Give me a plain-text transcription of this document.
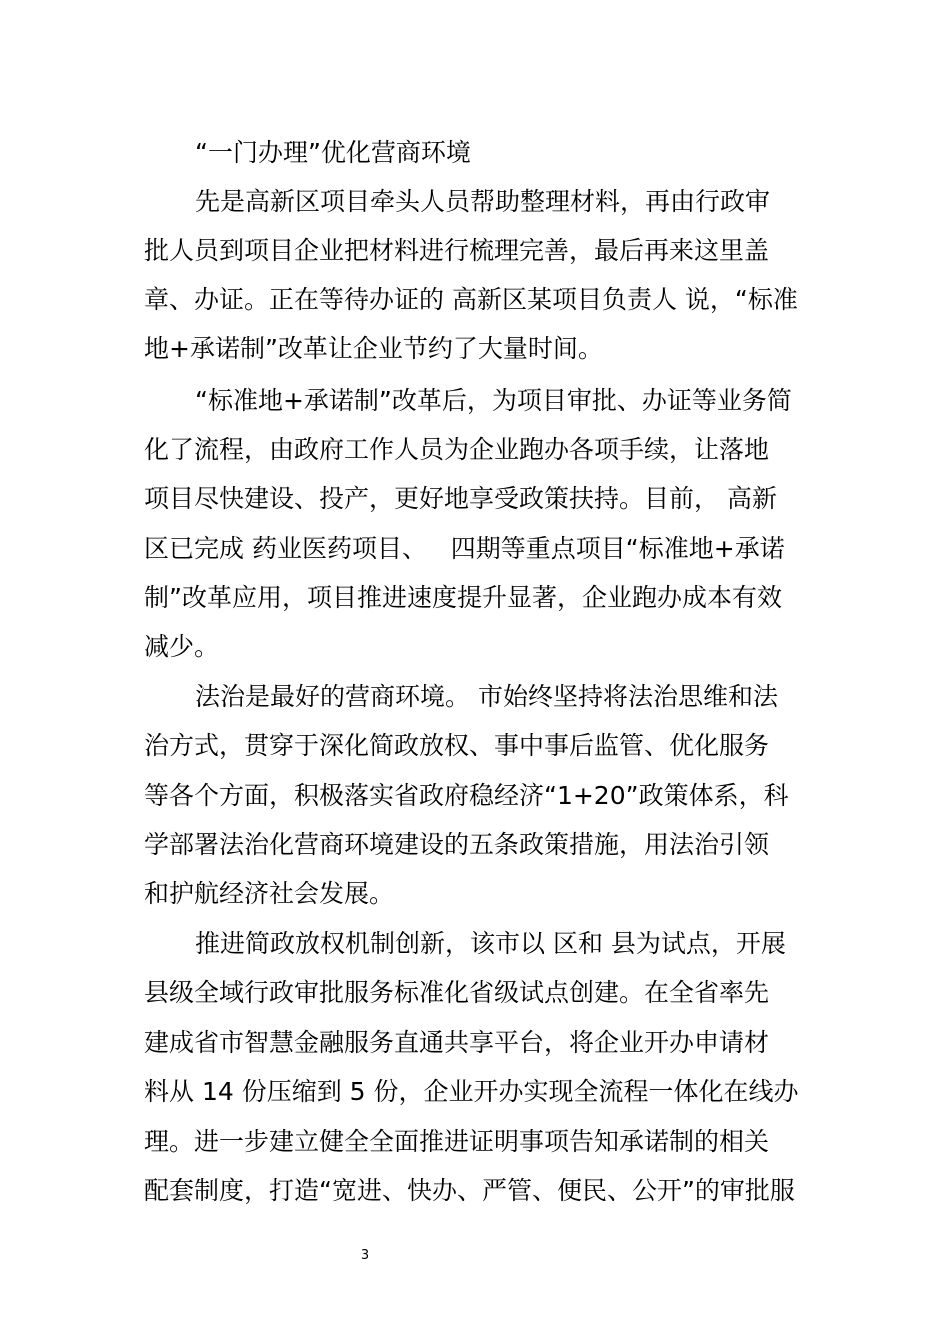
“一门办理”优化营商环境
先是高新区项目牵头人员帮助整理材料，再由行政审
批人员到项目企业把材料进行梳理完善，最后再来这里盖
章、办证。正在等待办证的 高新区某项目负责人 说，“标准
地+承诺制”改革让企业节约了大量时间。
“标准地+承诺制”改革后，为项目审批、办证等业务简
化了流程，由政府工作人员为企业跑办各项手续，让落地
项目尽快建设、投产，更好地享受政策扶持。目前， 高新
区已完成 药业医药项目、   四期等重点项目“标准地+承诺
制”改革应用，项目推进速度提升显著，企业跑办成本有效
减少。
法治是最好的营商环境。 市始终坚持将法治思维和法
治方式，贯穿于深化简政放权、事中事后监管、优化服务
等各个方面，积极落实省政府稳经济“1+20”政策体系，科
学部署法治化营商环境建设的五条政策措施，用法治引领
和护航经济社会发展。
推进简政放权机制创新，该市以 区和 县为试点，开展
县级全域行政审批服务标准化省级试点创建。在全省率先
建成省市智慧金融服务直通共享平台，将企业开办申请材
料从 14 份压缩到 5 份，企业开办实现全流程一体化在线办
理。进一步建立健全全面推进证明事项告知承诺制的相关
配套制度，打造“宽进、快办、严管、便民、公开”的审批服
3
